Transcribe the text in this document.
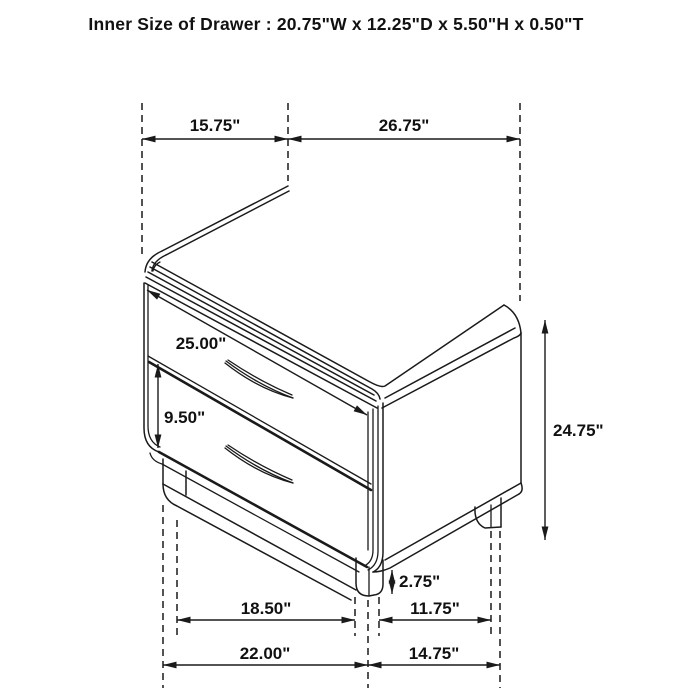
Inner Size of Drawer : 20.75"W x 12.25"D x 5.50"H x 0.50"T
15.75"	26.75"
25.00"
9.50"
24.75"
2.75"
18.50"	11.75"
22.00"	14.75"
